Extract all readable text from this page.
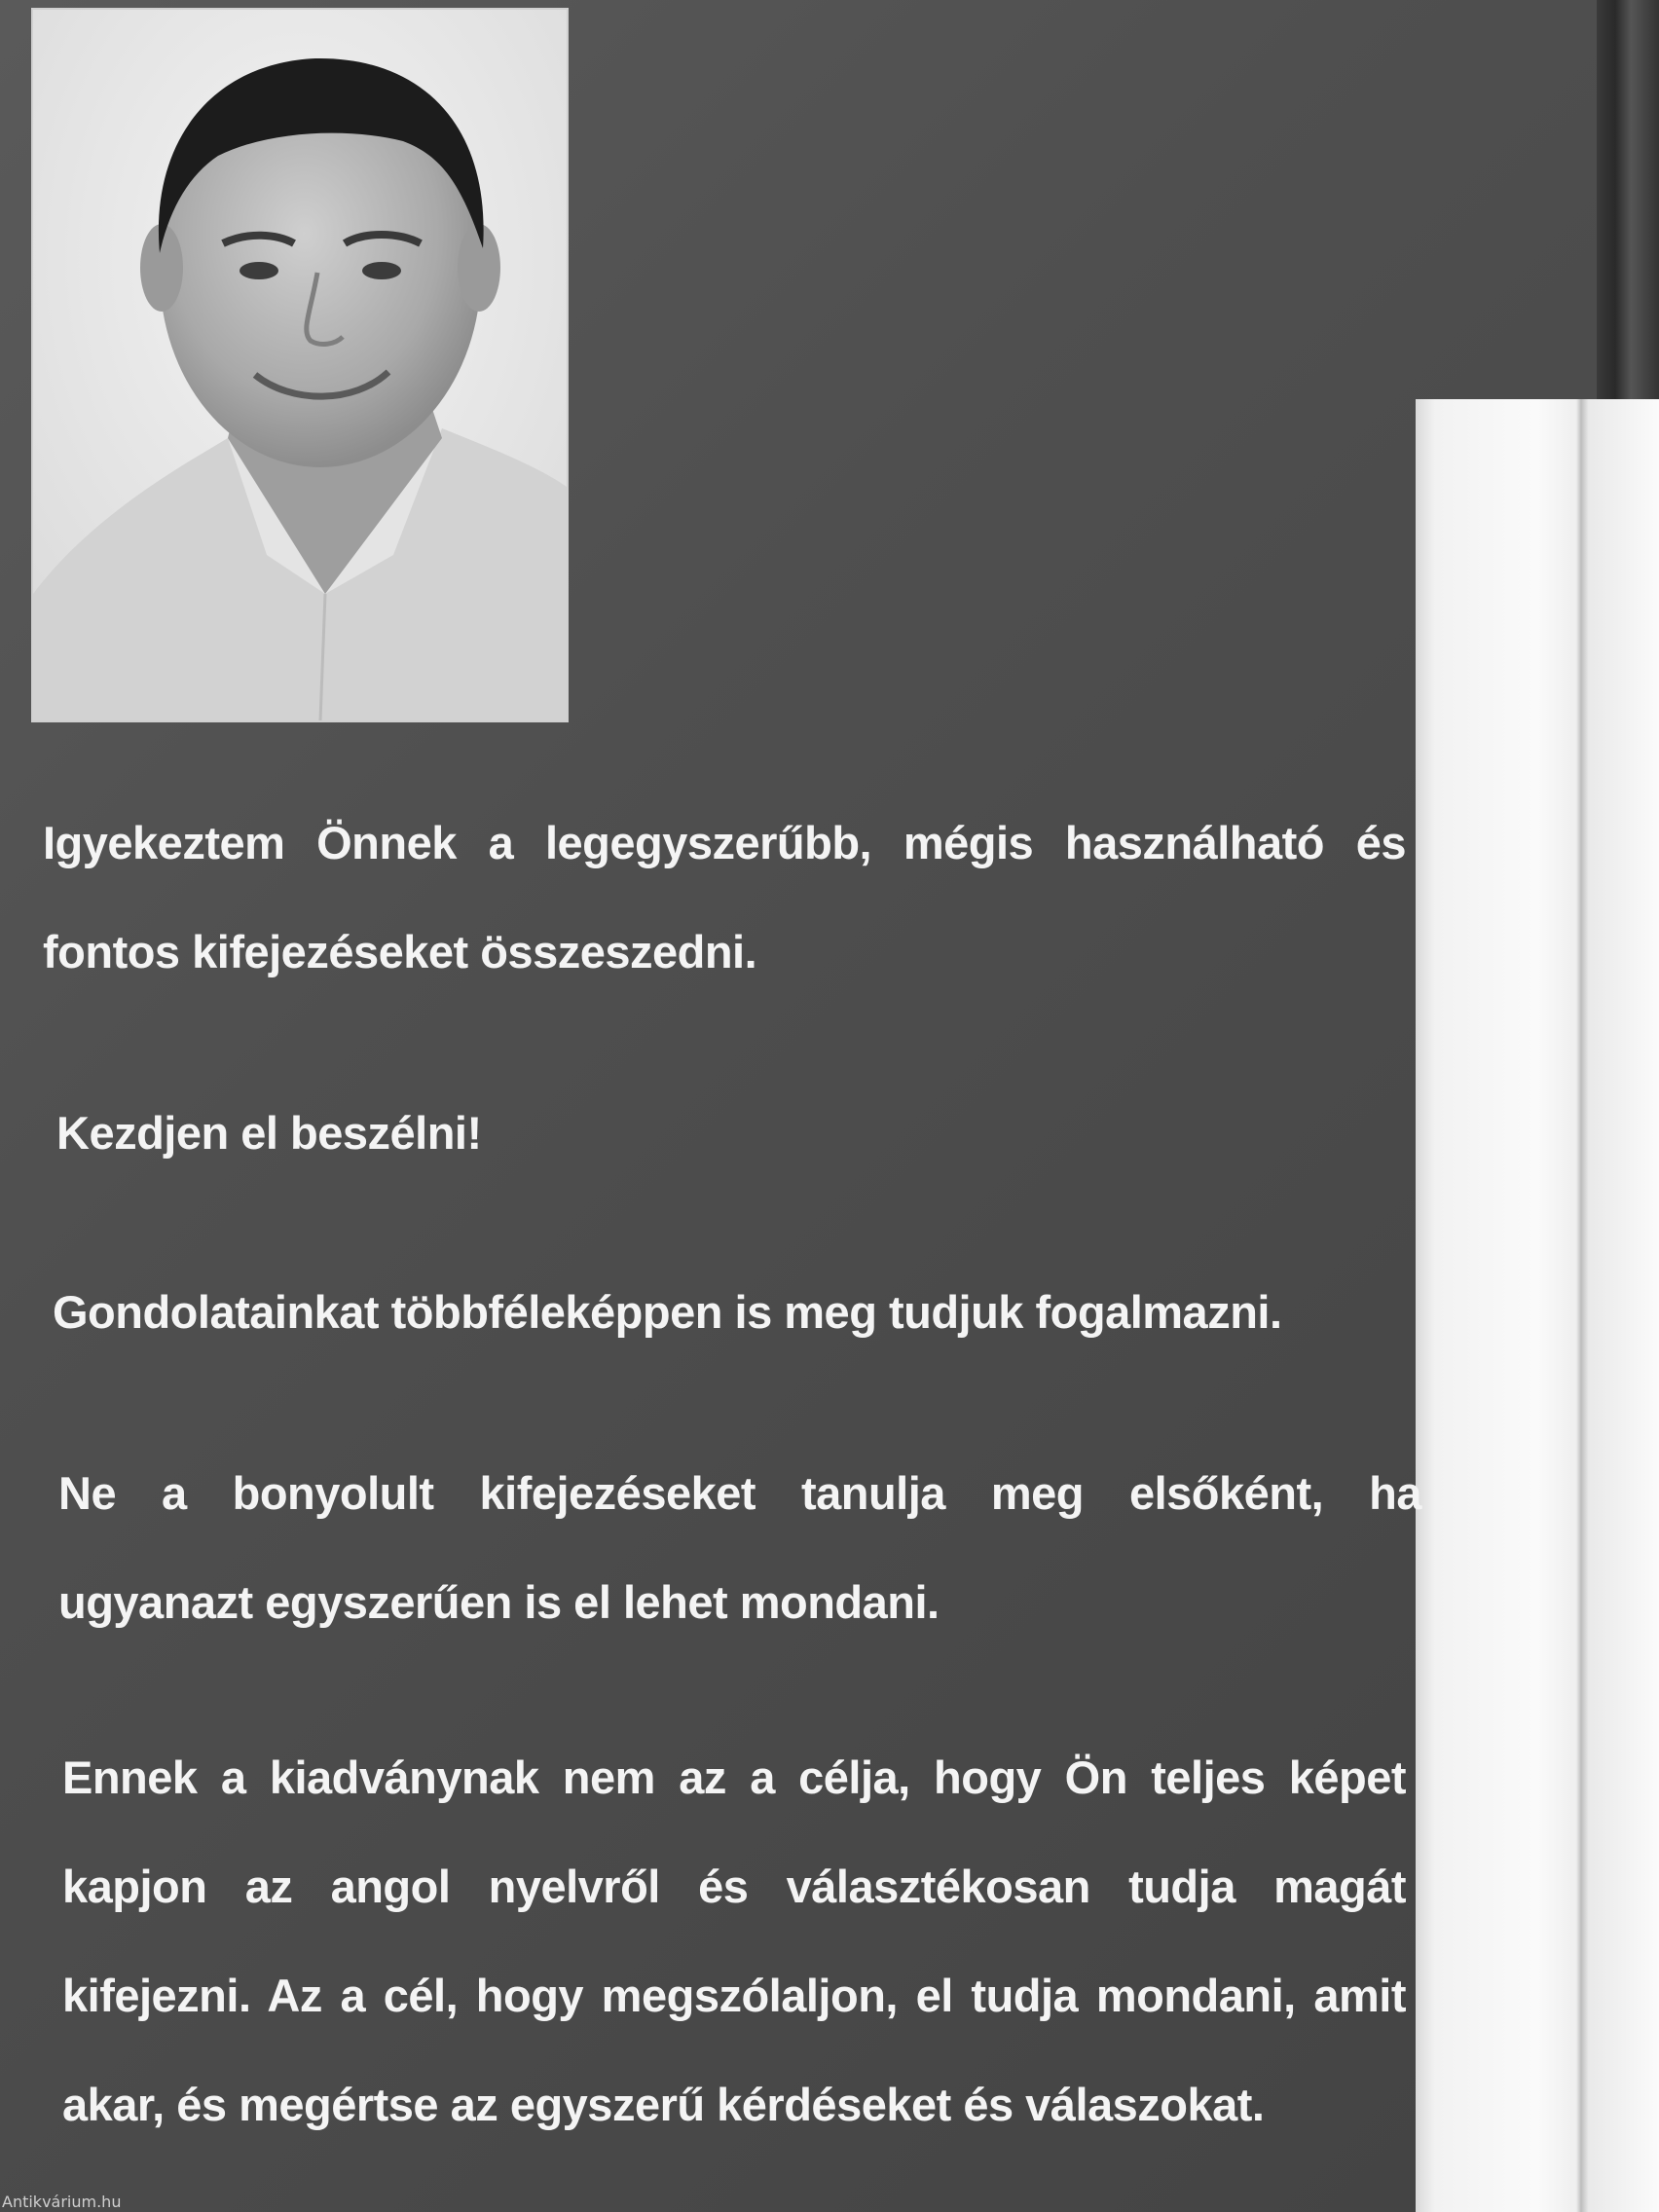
Igyekeztem Önnek a legegyszerűbb, mégis használható és
fontos kifejezéseket összeszedni.
Kezdjen el beszélni!
Gondolatainkat többféleképpen is meg tudjuk fogalmazni.
Ne a bonyolult kifejezéseket tanulja meg elsőként, ha
ugyanazt egyszerűen is el lehet mondani.
Ennek a kiadványnak nem az a célja, hogy Ön teljes képet
kapjon az angol nyelvről és választékosan tudja magát
kifejezni. Az a cél, hogy megszólaljon, el tudja mondani, amit
akar, és megértse az egyszerű kérdéseket és válaszokat.
Antikvárium.hu
